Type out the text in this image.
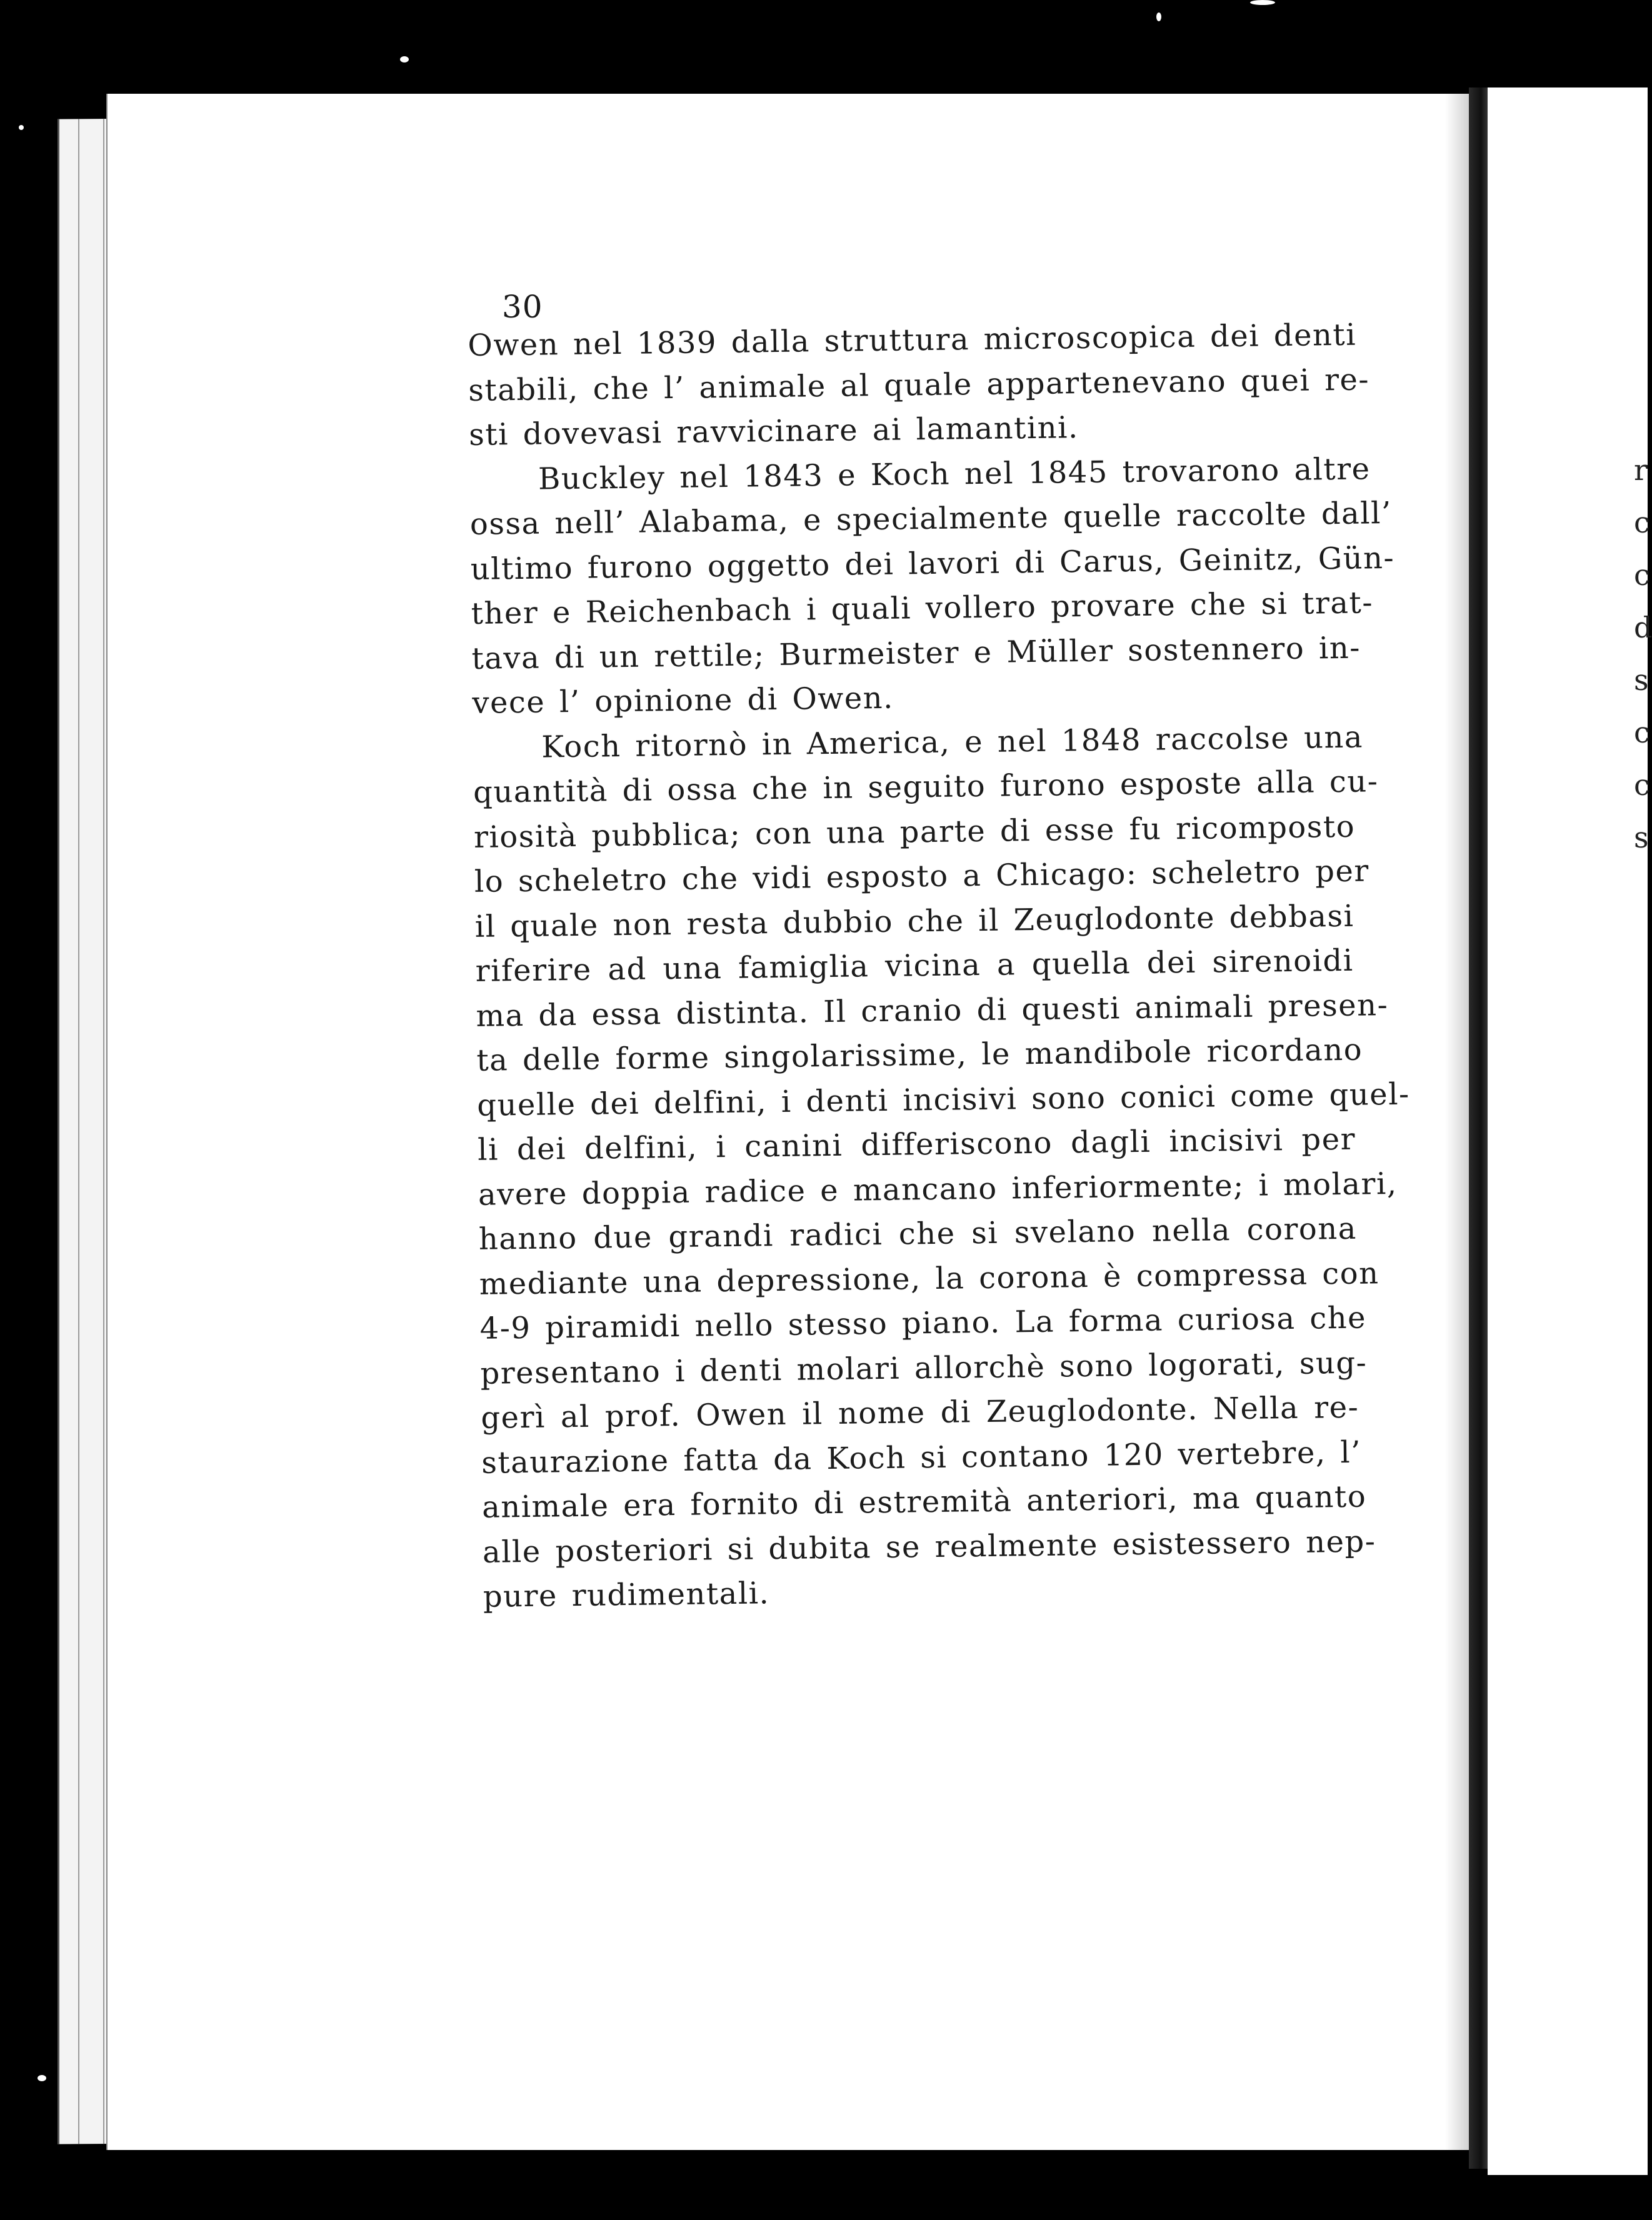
r
c
c
d
s
c
c
s
30
Owen nel 1839 dalla struttura microscopica dei denti
stabili, che l’ animale al quale appartenevano quei re-
sti dovevasi ravvicinare ai lamantini.
Buckley nel 1843 e Koch nel 1845 trovarono altre
ossa nell’ Alabama, e specialmente quelle raccolte dall’
ultimo furono oggetto dei lavori di Carus, Geinitz, Gün-
ther e Reichenbach i quali vollero provare che si trat-
tava di un rettile; Burmeister e Müller sostennero in-
vece l’ opinione di Owen.
Koch ritornò in America, e nel 1848 raccolse una
quantità di ossa che in seguito furono esposte alla cu-
riosità pubblica; con una parte di esse fu ricomposto
lo scheletro che vidi esposto a Chicago: scheletro per
il quale non resta dubbio che il Zeuglodonte debbasi
riferire ad una famiglia vicina a quella dei sirenoidi
ma da essa distinta. Il cranio di questi animali presen-
ta delle forme singolarissime, le mandibole ricordano
quelle dei delfini, i denti incisivi sono conici come quel-
li dei delfini, i canini differiscono dagli incisivi per
avere doppia radice e mancano inferiormente; i molari,
hanno due grandi radici che si svelano nella corona
mediante una depressione, la corona è compressa con
4-9 piramidi nello stesso piano. La forma curiosa che
presentano i denti molari allorchè sono logorati, sug-
gerì al prof. Owen il nome di Zeuglodonte. Nella re-
staurazione fatta da Koch si contano 120 vertebre, l’
animale era fornito di estremità anteriori, ma quanto
alle posteriori si dubita se realmente esistessero nep-
pure rudimentali.
